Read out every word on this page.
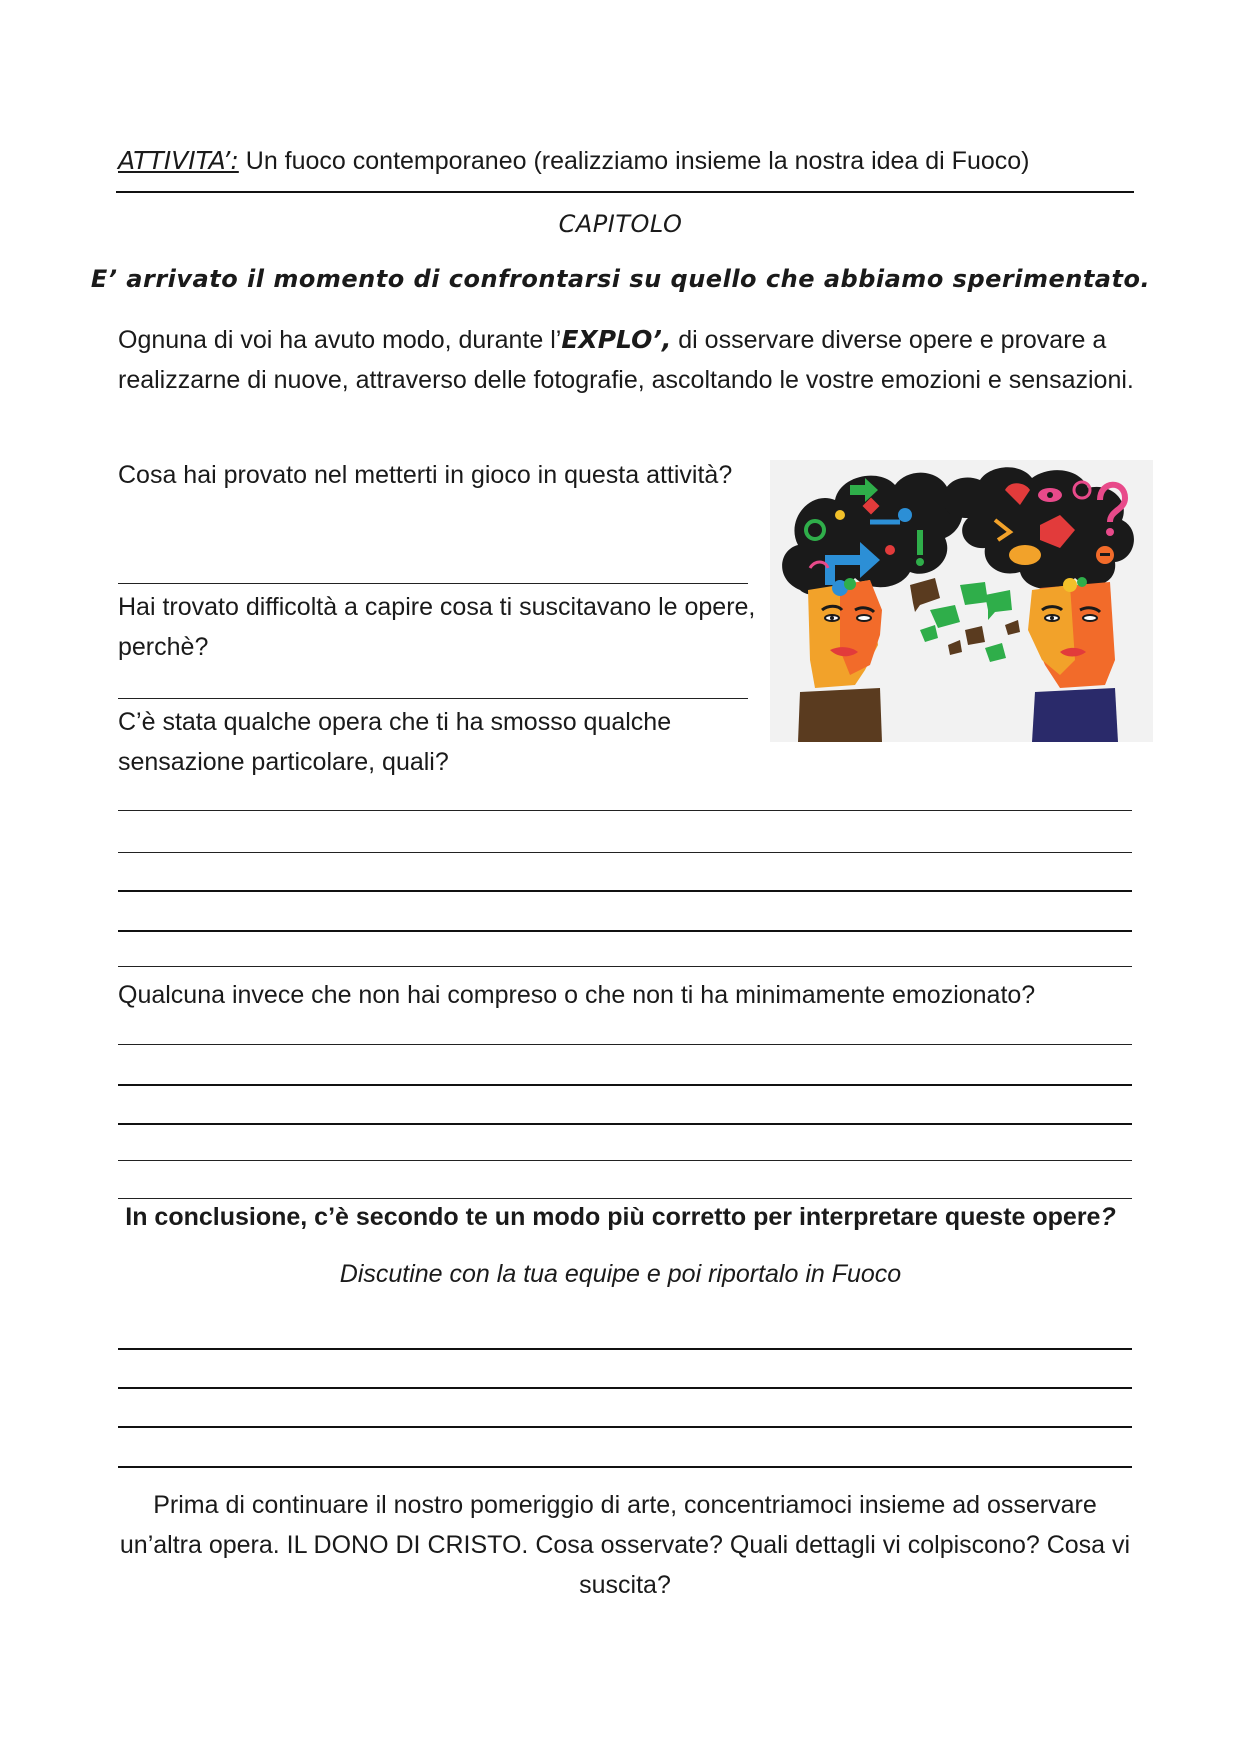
ATTIVITA’: Un fuoco contemporaneo (realizziamo insieme la nostra idea di Fuoco)
CAPITOLO
E’ arrivato il momento di confrontarsi su quello che abbiamo sperimentato.
Ognuna di voi ha avuto modo, durante l’EXPLO’, di osservare diverse opere e provare a realizzarne di nuove, attraverso delle fotografie, ascoltando le vostre emozioni e sensazioni.
Cosa hai provato nel metterti in gioco in questa attività?
Hai trovato difficoltà a capire cosa ti suscitavano le opere, perchè?
C’è stata qualche opera che ti ha smosso qualche sensazione particolare, quali?
Qualcuna invece che non hai compreso o che non ti ha minimamente emozionato?
In conclusione, c’è secondo te un modo più corretto per interpretare queste opere?
Discutine con la tua equipe e poi riportalo in Fuoco
Prima di continuare il nostro pomeriggio di arte, concentriamoci insieme ad osservare un’altra opera. IL DONO DI CRISTO. Cosa osservate? Quali dettagli vi colpiscono? Cosa vi suscita?
